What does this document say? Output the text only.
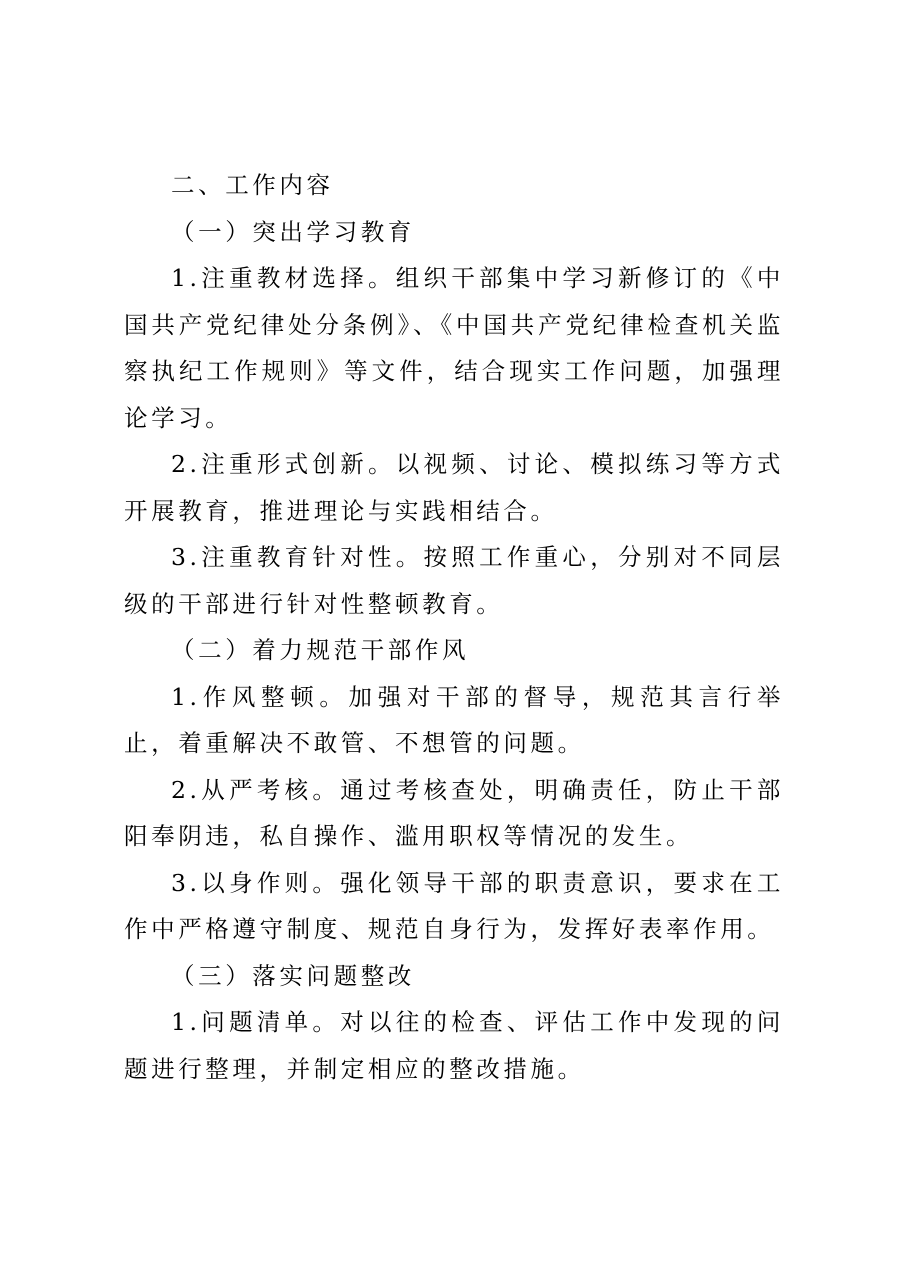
二、工作内容

（一）突出学习教育

1.注重教材选择。组织干部集中学习新修订的《中国共产党纪律处分条例》、《中国共产党纪律检查机关监察执纪工作规则》等文件，结合现实工作问题，加强理论学习。

2.注重形式创新。以视频、讨论、模拟练习等方式开展教育，推进理论与实践相结合。

3.注重教育针对性。按照工作重心，分别对不同层级的干部进行针对性整顿教育。

（二）着力规范干部作风

1.作风整顿。加强对干部的督导，规范其言行举止，着重解决不敢管、不想管的问题。

2.从严考核。通过考核查处，明确责任，防止干部阳奉阴违，私自操作、滥用职权等情况的发生。

3.以身作则。强化领导干部的职责意识，要求在工作中严格遵守制度、规范自身行为，发挥好表率作用。

（三）落实问题整改

1.问题清单。对以往的检查、评估工作中发现的问题进行整理，并制定相应的整改措施。
